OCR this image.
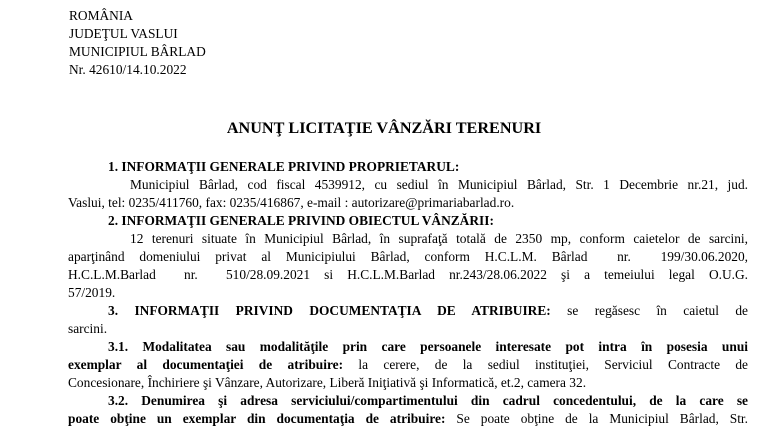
ROMÂNIA
JUDEŢUL VASLUI
MUNICIPIUL BÂRLAD
Nr. 42610/14.10.2022
ANUNŢ LICITAŢIE VÂNZĂRI TERENURI
1. INFORMAŢII GENERALE PRIVIND PROPRIETARUL:
Municipiul Bârlad, cod fiscal 4539912, cu sediul în Municipiul Bârlad, Str. 1 Decembrie nr.21, jud.
Vaslui, tel: 0235/411760, fax: 0235/416867, e-mail : autorizare@primariabarlad.ro.
2. INFORMAŢII GENERALE PRIVIND OBIECTUL VÂNZĂRII:
12 terenuri situate în Municipiul Bârlad, în suprafaţă totală de 2350 mp, conform caietelor de sarcini,
aparţinând domeniului privat al Municipiului Bârlad, conform H.C.L.M. Bârlad  nr.  199/30.06.2020,
H.C.L.M.Barlad  nr.  510/28.09.2021 si H.C.L.M.Barlad nr.243/28.06.2022 şi a temeiului legal O.U.G.
57/2019.
3. INFORMAŢII PRIVIND DOCUMENTAŢIA DE ATRIBUIRE: se regăsesc în caietul de
sarcini.
3.1. Modalitatea sau modalităţile prin care persoanele interesate pot intra în posesia unui
exemplar al documentaţiei de atribuire: la cerere, de la sediul instituţiei, Serviciul Contracte de
Concesionare, Închiriere şi Vânzare, Autorizare, Liberă Iniţiativă şi Informatică, et.2, camera 32.
3.2. Denumirea şi adresa serviciului/compartimentului din cadrul concedentului, de la care se
poate obţine un exemplar din documentaţia de atribuire: Se poate obţine de la Municipiul Bârlad, Str.
